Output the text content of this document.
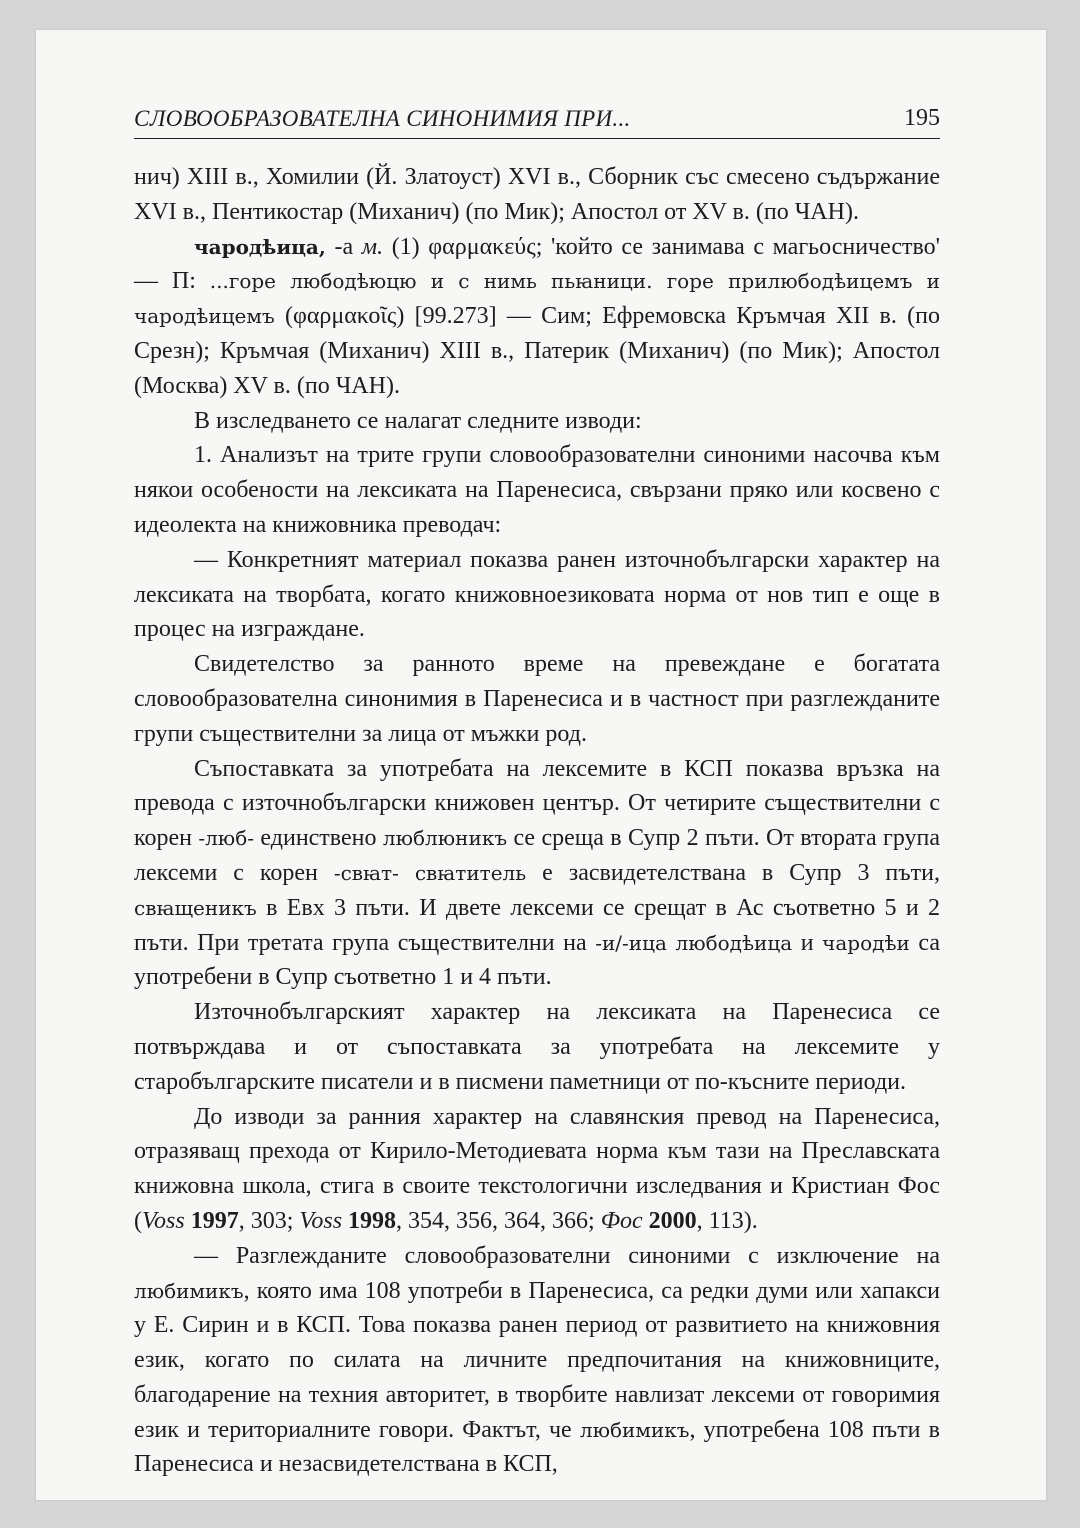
СЛОВООБРАЗОВАТЕЛНА СИНОНИМИЯ ПРИ...	195

нич) XIII в., Хомилии (Й. Златоуст) XVI в., Сборник със смесено съдържание XVI в., Пентикостар (Миханич) (по Мик); Апостол от XV в. (по ЧАН).

чародѣица, -а м. (1) φαρμακεύς; 'който се занимава с магьосничество' — П: ...горе любодѣюцю и с нимь пьꙗници. горе прилюбодѣицемъ и чародѣицемъ (φαρμακοῖς) [99.273] — Сим; Ефремовска Кръмчая XII в. (по Срезн); Кръмчая (Миханич) XIII в., Патерик (Миханич) (по Мик); Апостол (Москва) XV в. (по ЧАН).

В изследването се налагат следните изводи:

1. Анализът на трите групи словообразователни синоними насочва към някои особености на лексиката на Паренесиса, свързани пряко или косвено с идеолекта на книжовника преводач:

— Конкретният материал показва ранен източнобългарски характер на лексиката на творбата, когато книжовноезиковата норма от нов тип е още в процес на изграждане.

Свидетелство за ранното време на превеждане е богатата словообразователна синонимия в Паренесиса и в частност при разглежданите групи съществителни за лица от мъжки род.

Съпоставката за употребата на лексемите в КСП показва връзка на превода с източнобългарски книжовен център. От четирите съществителни с корен -люб- единствено люблюникъ се среща в Супр 2 пъти. От втората група лексеми с корен -свꙗт- свꙗтитель е засвидетелствана в Супр 3 пъти, свꙗщеникъ в Евх 3 пъти. И двете лексеми се срещат в Ас съответно 5 и 2 пъти. При третата група съществителни на -и/-ица любодѣица и чародѣи са употребени в Супр съответно 1 и 4 пъти.

Източнобългарският характер на лексиката на Паренесиса се потвърждава и от съпоставката за употребата на лексемите у старобългарските писатели и в писмени паметници от по-късните периоди.

До изводи за ранния характер на славянския превод на Паренесиса, отразяващ прехода от Кирило-Методиевата норма към тази на Преславската книжовна школа, стига в своите текстологични изследвания и Кристиан Фос (Voss 1997, 303; Voss 1998, 354, 356, 364, 366; Фос 2000, 113).

— Разглежданите словообразователни синоними с изключение на любимикъ, която има 108 употреби в Паренесиса, са редки думи или хапакси у Е. Сирин и в КСП. Това показва ранен период от развитието на книжовния език, когато по силата на личните предпочитания на книжовниците, благодарение на техния авторитет, в творбите навлизат лексеми от говоримия език и териториалните говори. Фактът, че любимикъ, употребена 108 пъти в Паренесиса и незасвидетелствана в КСП,
